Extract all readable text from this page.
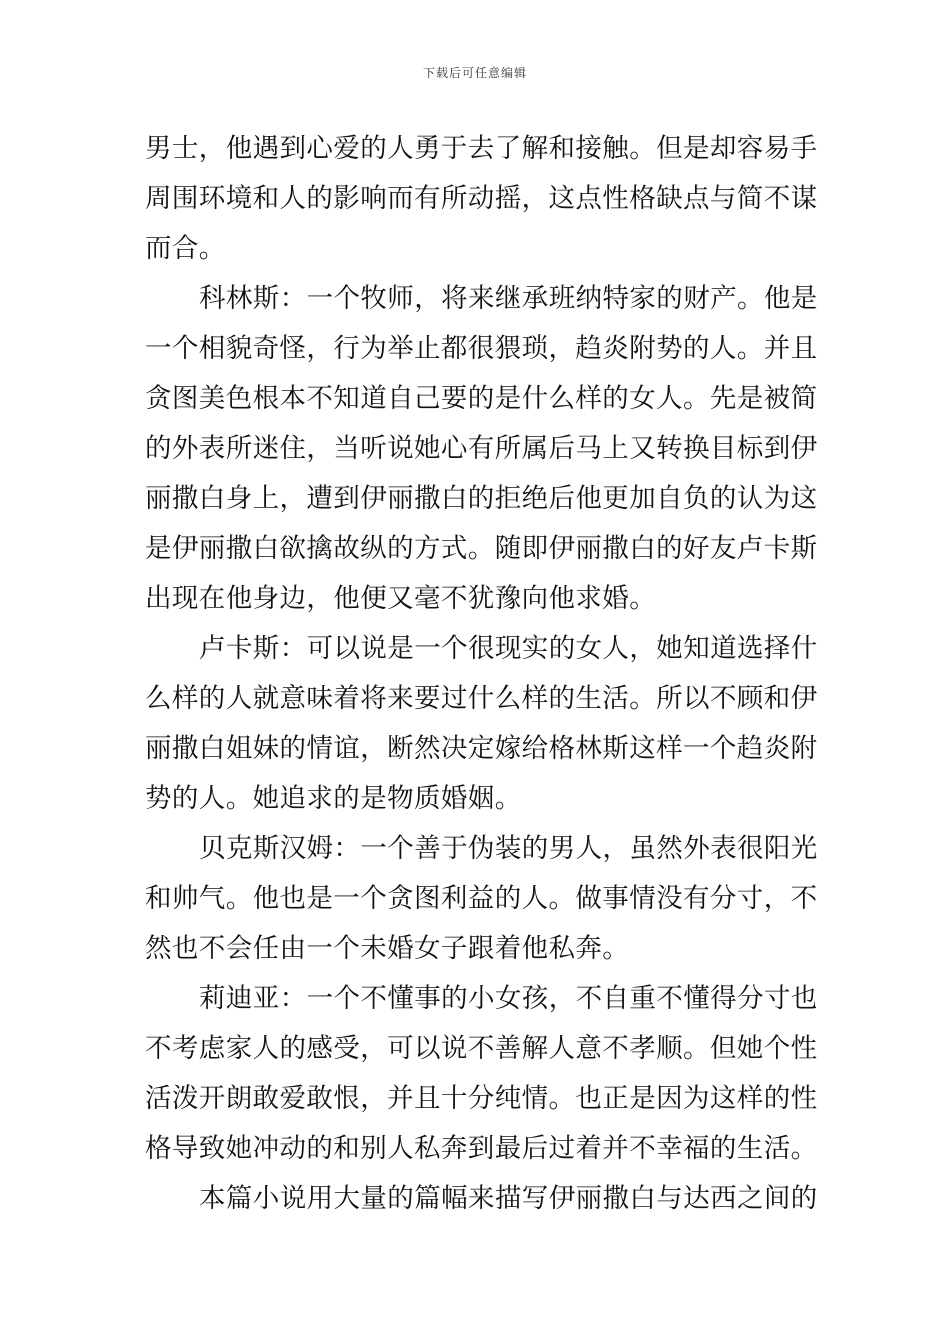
下载后可任意编辑
男士，他遇到心爱的人勇于去了解和接触。但是却容易手
周围环境和人的影响而有所动摇，这点性格缺点与简不谋
而合。
科林斯：一个牧师，将来继承班纳特家的财产。他是
一个相貌奇怪，行为举止都很猥琐，趋炎附势的人。并且
贪图美色根本不知道自己要的是什么样的女人。先是被简
的外表所迷住，当听说她心有所属后马上又转换目标到伊
丽撒白身上，遭到伊丽撒白的拒绝后他更加自负的认为这
是伊丽撒白欲擒故纵的方式。随即伊丽撒白的好友卢卡斯
出现在他身边，他便又毫不犹豫向他求婚。
卢卡斯：可以说是一个很现实的女人，她知道选择什
么样的人就意味着将来要过什么样的生活。所以不顾和伊
丽撒白姐妹的情谊，断然决定嫁给格林斯这样一个趋炎附
势的人。她追求的是物质婚姻。
贝克斯汉姆：一个善于伪装的男人，虽然外表很阳光
和帅气。他也是一个贪图利益的人。做事情没有分寸，不
然也不会任由一个未婚女子跟着他私奔。
莉迪亚：一个不懂事的小女孩，不自重不懂得分寸也
不考虑家人的感受，可以说不善解人意不孝顺。但她个性
活泼开朗敢爱敢恨，并且十分纯情。也正是因为这样的性
格导致她冲动的和别人私奔到最后过着并不幸福的生活。
本篇小说用大量的篇幅来描写伊丽撒白与达西之间的
